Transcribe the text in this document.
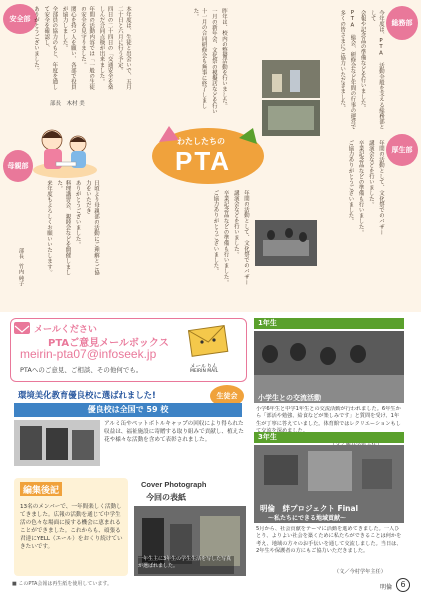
安全部	総務部
母親部
厚生部
本年度は、生徒と出会いで、五月二十日と六月に行う予定。
四日の二十四日の「交通安全を楽しんだ合同点検が出来ました。
年間の活動内容では「一般の生徒の安全を見守りました。
関心を持つ人を願い、各部で役員が協力しました。
全部員の協力のもと、年度を通して安全を確認し、
ありがとうございました。
部長　木村 美
日頃より母親部の活動にご理解とご協力をいただき
ありがとうございました。
料理講習会、親睦会などを開催しました。
来年度もよろしくお願いいたします。
部長　竹内 純子
昨年は、校内の整備活動を行いました。
一月の新年会、文化祭の模擬店などを行い
十一月の合同研修会も無事に終了しました。
わたしたちの
PTA
年間の活動として、文化祭でのバザー
講演会などを行いました。
卒業記念品などの準備も行いました。
ご協力ありがとうございました。
今年度は、PTA 活動全般を支える総務部として
会報や記念品の準備などを行いました。
PTA 総会、研修会など年間の行事の運営で
多くの皆さまにご協力いただきました。
年間の活動として、文化祭でのバザー
講演会などを行いました。
卒業記念品などの準備も行いました。
ご協力ありがとうございました。
メールください
PTAご意見メールボックス
meirin-pta07@infoseek.jp
PTAへのご意見、ご相談、その他何でも。	メールりん
MEIRIN MAIL
環境美化教育優良校に選ばれました!	生徒会
優良校は全国で 59 校
アルミ缶やペットボトルキャップの回収により得られた収益は、福祉施設に寄贈する取り組みで貢献し、植えた花や様々な活動を含めて表彰されました。
編集後記
13名のメンバーで、一年間楽しく活動してきました。広報の活動を通じて中学生活の色々な場面に接する機会に恵まれることができました。これからも、頑張る君達にYELL（エール）をおくり続けていきたいです。
Cover Photograph
今回の表紙
一年生主に3年生の学生生活を写した写真が選ばれました。
1年生
小学生との交流活動
小学6年生と中学1年生との交流活動が行われました。6年生から「部活や勉強、給食などが楽しみです」と質問を受け、1年生が丁寧に答えていました。体育館ではレクリエーションもし
3年生
明倫　絆プロジェクト Final
〜私たちにできる地域貢献〜
5月から、社会貢献をテーマに活動を進めてきました。一人ひとり、よりよい社会を築くために私たちができることは何かを考え、地域の方々のお手伝いを通して交流しました。当日は、2年生や保護者の方にもご協力いただきました。
（文／今村学年主任）
■ このPTA会報は再生紙を使用しています。	明倫	6
